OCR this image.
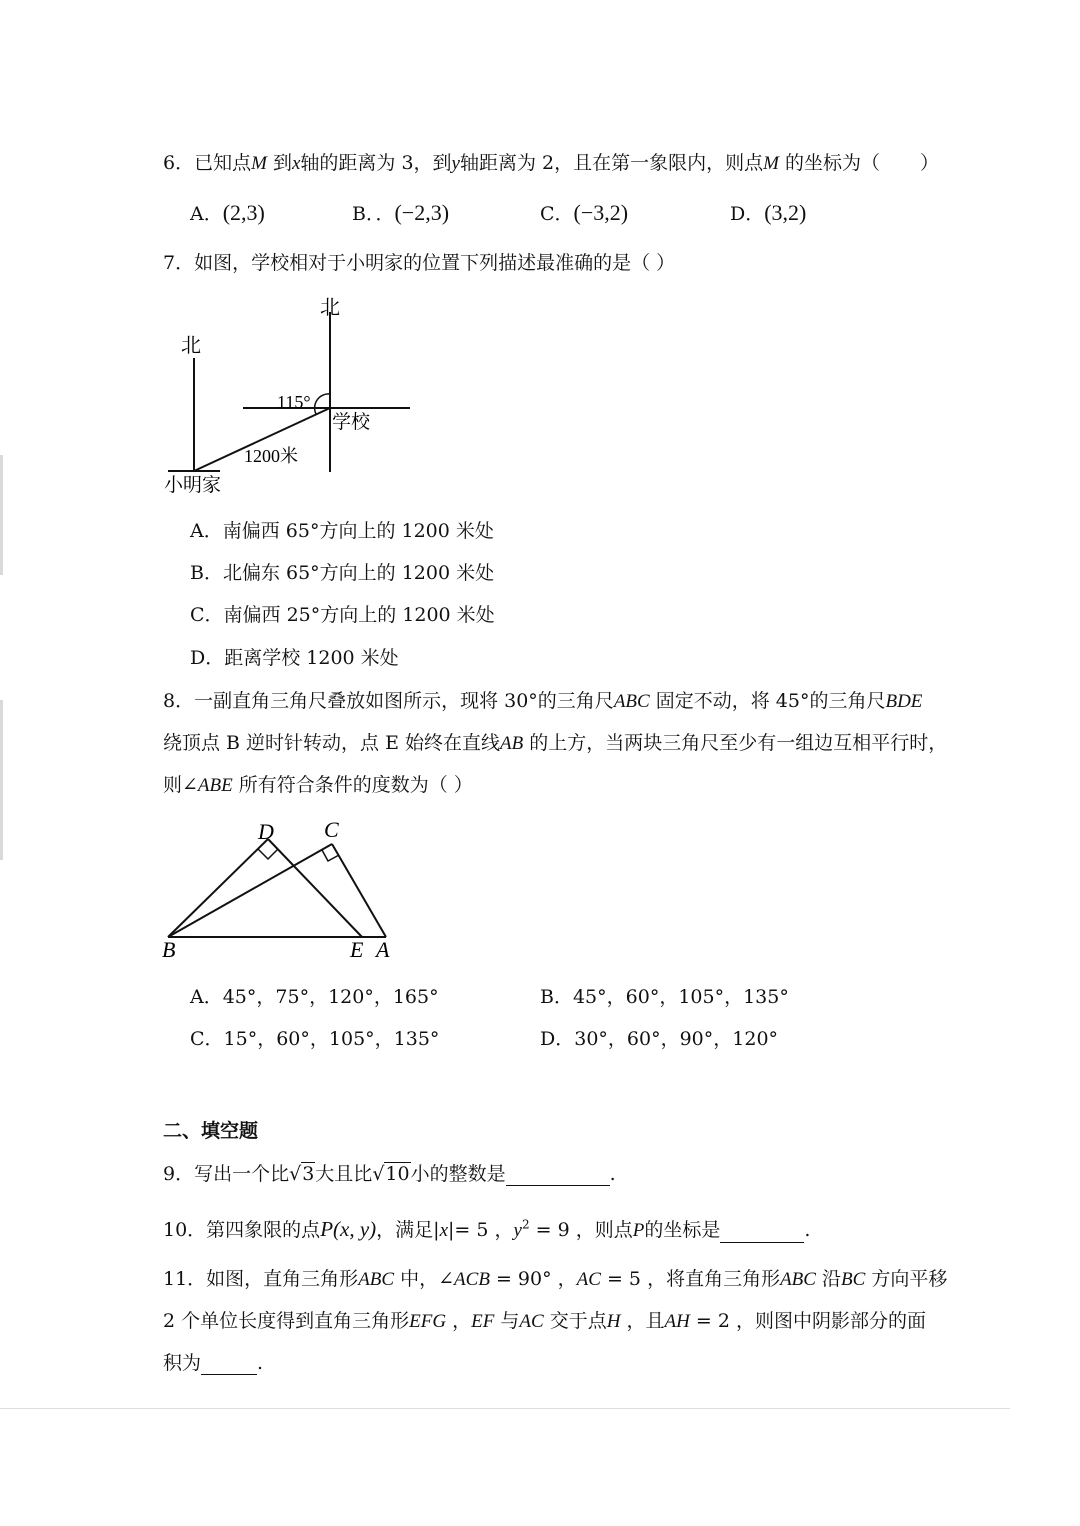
6．已知点M 到x轴的距离为 3，到y轴距离为 2，且在第一象限内，则点M 的坐标为（ ）
A．(2,3)	B．．(−2,3)	C．(−3,2)	D．(3,2)
7．如图，学校相对于小明家的位置下列描述最准确的是（ ）
北
北
115°
学校
1200米
小明家
A．南偏西 65°方向上的 1200 米处
B．北偏东 65°方向上的 1200 米处
C．南偏西 25°方向上的 1200 米处
D．距离学校 1200 米处
8．一副直角三角尺叠放如图所示，现将 30°的三角尺ABC 固定不动，将 45°的三角尺BDE
绕顶点 B 逆时针转动，点 E 始终在直线AB 的上方，当两块三角尺至少有一组边互相平行时，
则∠ABE 所有符合条件的度数为（ ）
D C
B	E A
A．45°，75°，120°，165°	B．45°，60°，105°，135°
C．15°，60°，105°，135°	D．30°，60°，90°，120°
二、填空题
9．写出一个比√3大且比√10小的整数是	.
10．第四象限的点P(x, y)，满足|x|= 5 ，$y^2 = 9$ ，则点P的坐标是	.
11．如图，直角三角形ABC 中，∠ACB = 90° ，AC = 5 ，将直角三角形ABC 沿BC 方向平移
2 个单位长度得到直角三角形EFG ，EF 与AC 交于点H ，且AH = 2 ，则图中阴影部分的面
积为	.
